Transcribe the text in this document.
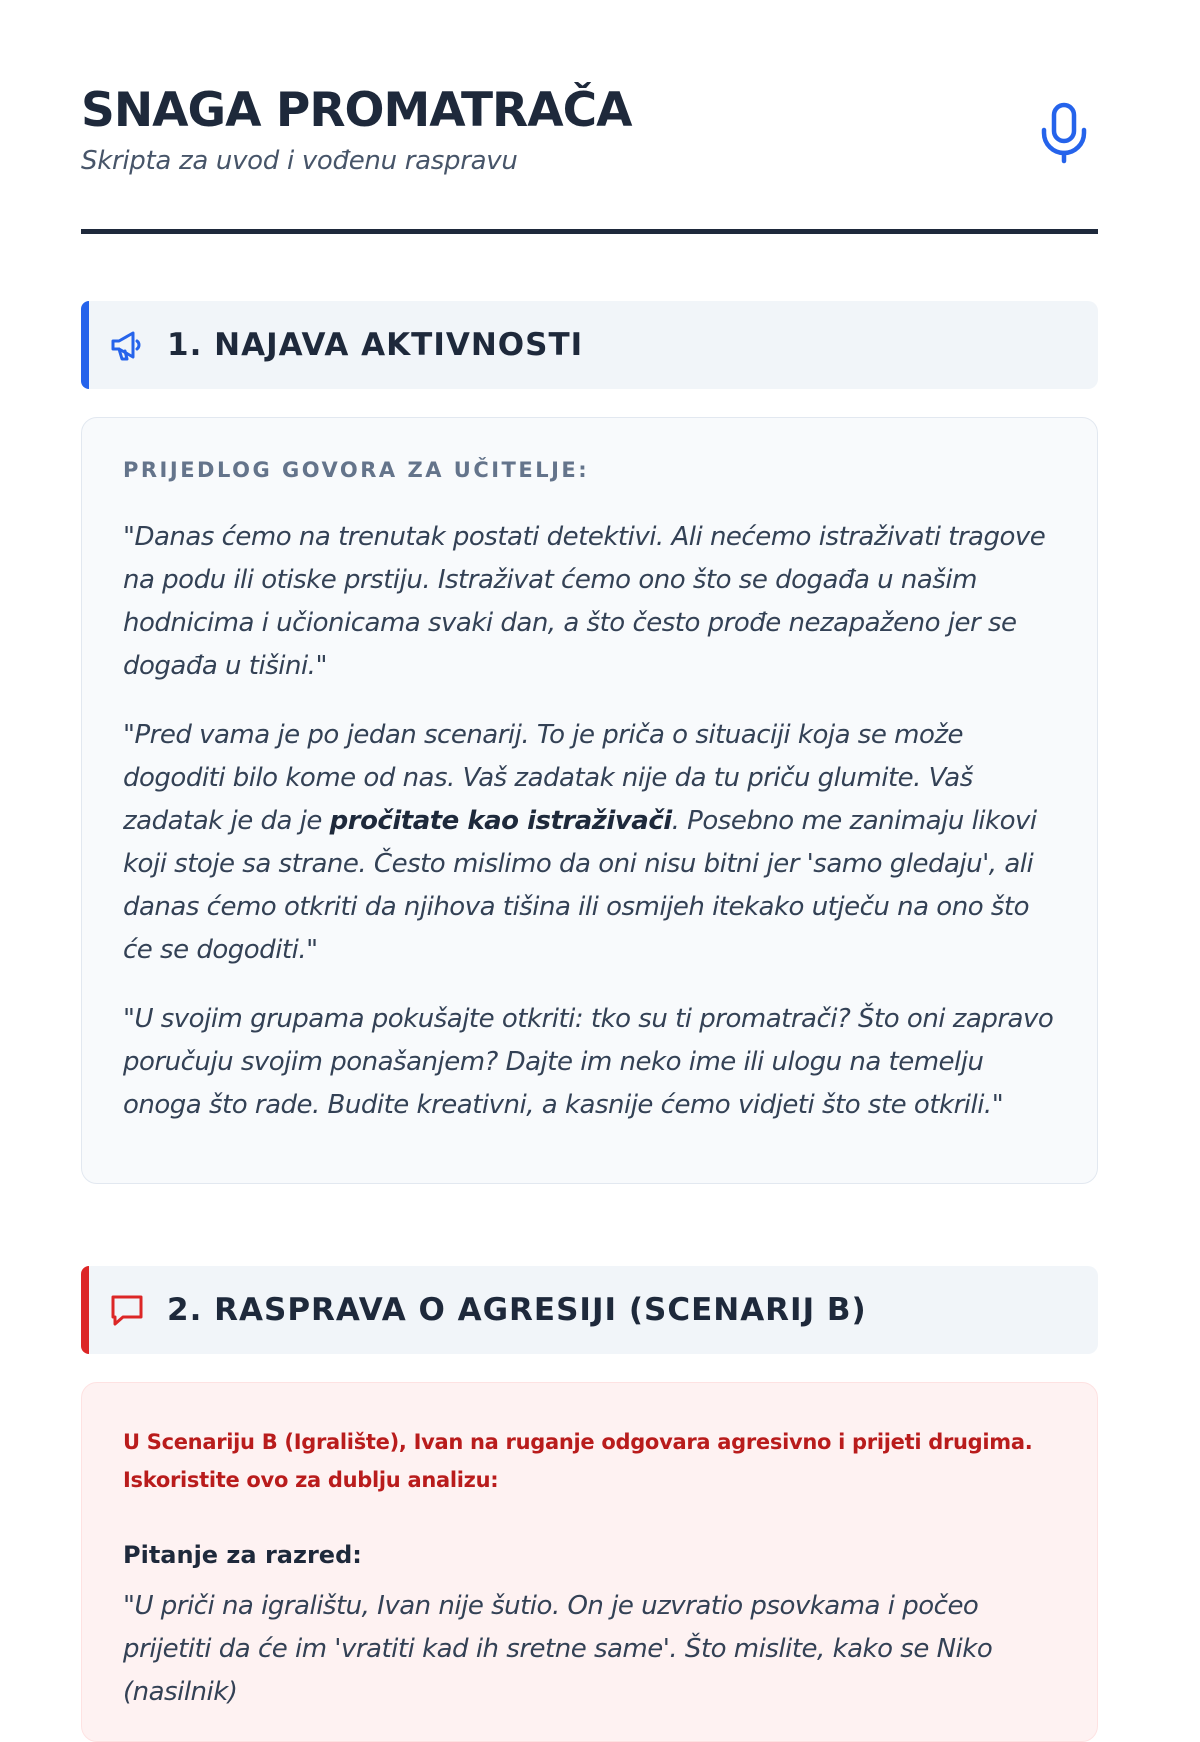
SNAGA PROMATRAČA
Skripta za uvod i vođenu raspravu
1. NAJAVA AKTIVNOSTI
PRIJEDLOG GOVORA ZA UČITELJE:

"Danas ćemo na trenutak postati detektivi. Ali nećemo istraživati tragove na podu ili otiske prstiju. Istraživat ćemo ono što se događa u našim hodnicima i učionicama svaki dan, a što često prođe nezapaženo jer se događa u tišini."

"Pred vama je po jedan scenarij. To je priča o situaciji koja se može dogoditi bilo kome od nas. Vaš zadatak nije da tu priču glumite. Vaš zadatak je da je pročitate kao istraživači. Posebno me zanimaju likovi koji stoje sa strane. Često mislimo da oni nisu bitni jer 'samo gledaju', ali danas ćemo otkriti da njihova tišina ili osmijeh itekako utječu na ono što će se dogoditi."

"U svojim grupama pokušajte otkriti: tko su ti promatrači? Što oni zapravo poručuju svojim ponašanjem? Dajte im neko ime ili ulogu na temelju onoga što rade. Budite kreativni, a kasnije ćemo vidjeti što ste otkrili."

2. RASPRAVA O AGRESIJI (SCENARIJ B)
U Scenariju B (Igralište), Ivan na ruganje odgovara agresivno i prijeti drugima. Iskoristite ovo za dublju analizu:
Pitanje za razred:
"U priči na igralištu, Ivan nije šutio. On je uzvratio psovkama i počeo prijetiti da će im 'vratiti kad ih sretne same'. Što mislite, kako se Niko (nasilnik)
